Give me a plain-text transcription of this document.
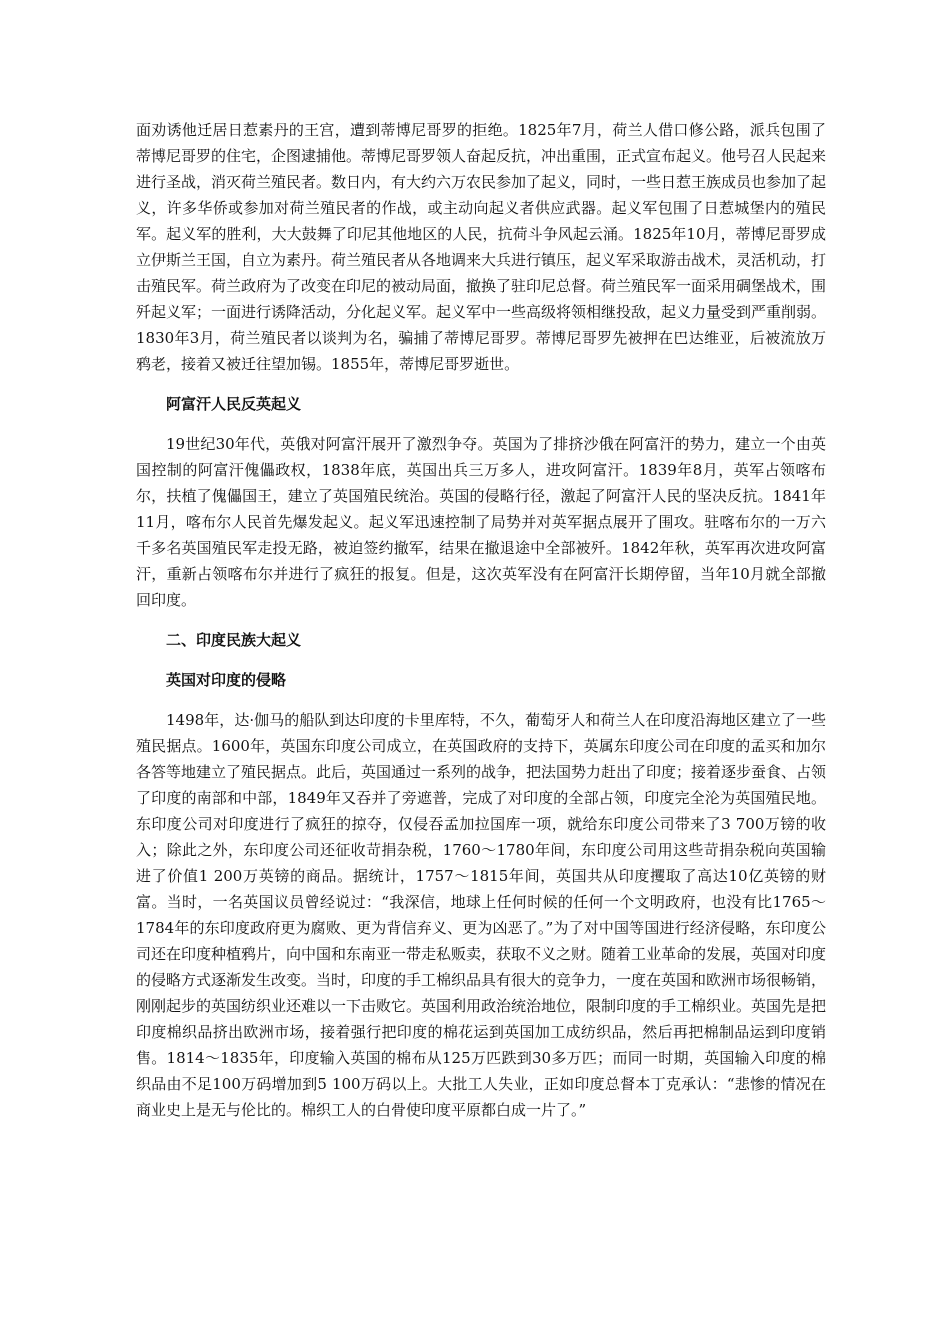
面劝诱他迁居日惹素丹的王宫，遭到蒂博尼哥罗的拒绝。1825年7月，荷兰人借口修公路，派兵包围了蒂博尼哥罗的住宅，企图逮捕他。蒂博尼哥罗领人奋起反抗，冲出重围，正式宣布起义。他号召人民起来进行圣战，消灭荷兰殖民者。数日内，有大约六万农民参加了起义，同时，一些日惹王族成员也参加了起义，许多华侨或参加对荷兰殖民者的作战，或主动向起义者供应武器。起义军包围了日惹城堡内的殖民军。起义军的胜利，大大鼓舞了印尼其他地区的人民，抗荷斗争风起云涌。1825年10月，蒂博尼哥罗成立伊斯兰王国，自立为素丹。荷兰殖民者从各地调来大兵进行镇压，起义军采取游击战术，灵活机动，打击殖民军。荷兰政府为了改变在印尼的被动局面，撤换了驻印尼总督。荷兰殖民军一面采用碉堡战术，围歼起义军；一面进行诱降活动，分化起义军。起义军中一些高级将领相继投敌，起义力量受到严重削弱。1830年3月，荷兰殖民者以谈判为名，骗捕了蒂博尼哥罗。蒂博尼哥罗先被押在巴达维亚，后被流放万鸦老，接着又被迁往望加锡。1855年，蒂博尼哥罗逝世。

阿富汗人民反英起义

19世纪30年代，英俄对阿富汗展开了激烈争夺。英国为了排挤沙俄在阿富汗的势力，建立一个由英国控制的阿富汗傀儡政权，1838年底，英国出兵三万多人，进攻阿富汗。1839年8月，英军占领喀布尔，扶植了傀儡国王，建立了英国殖民统治。英国的侵略行径，激起了阿富汗人民的坚决反抗。1841年11月，喀布尔人民首先爆发起义。起义军迅速控制了局势并对英军据点展开了围攻。驻喀布尔的一万六千多名英国殖民军走投无路，被迫签约撤军，结果在撤退途中全部被歼。1842年秋，英军再次进攻阿富汗，重新占领喀布尔并进行了疯狂的报复。但是，这次英军没有在阿富汗长期停留，当年10月就全部撤回印度。

二、印度民族大起义
英国对印度的侵略

1498年，达·伽马的船队到达印度的卡里库特，不久，葡萄牙人和荷兰人在印度沿海地区建立了一些殖民据点。1600年，英国东印度公司成立，在英国政府的支持下，英属东印度公司在印度的孟买和加尔各答等地建立了殖民据点。此后，英国通过一系列的战争，把法国势力赶出了印度；接着逐步蚕食、占领了印度的南部和中部，1849年又吞并了旁遮普，完成了对印度的全部占领，印度完全沦为英国殖民地。东印度公司对印度进行了疯狂的掠夺，仅侵吞孟加拉国库一项，就给东印度公司带来了3 700万镑的收入；除此之外，东印度公司还征收苛捐杂税，1760～1780年间，东印度公司用这些苛捐杂税向英国输进了价值1 200万英镑的商品。据统计，1757～1815年间，英国共从印度攫取了高达10亿英镑的财富。当时，一名英国议员曾经说过：“我深信，地球上任何时候的任何一个文明政府，也没有比1765～1784年的东印度政府更为腐败、更为背信弃义、更为凶恶了。”为了对中国等国进行经济侵略，东印度公司还在印度种植鸦片，向中国和东南亚一带走私贩卖，获取不义之财。随着工业革命的发展，英国对印度的侵略方式逐渐发生改变。当时，印度的手工棉织品具有很大的竞争力，一度在英国和欧洲市场很畅销，刚刚起步的英国纺织业还难以一下击败它。英国利用政治统治地位，限制印度的手工棉织业。英国先是把印度棉织品挤出欧洲市场，接着强行把印度的棉花运到英国加工成纺织品，然后再把棉制品运到印度销售。1814～1835年，印度输入英国的棉布从125万匹跌到30多万匹；而同一时期，英国输入印度的棉织品由不足100万码增加到5 100万码以上。大批工人失业，正如印度总督本丁克承认：“悲惨的情况在商业史上是无与伦比的。棉织工人的白骨使印度平原都白成一片了。”
